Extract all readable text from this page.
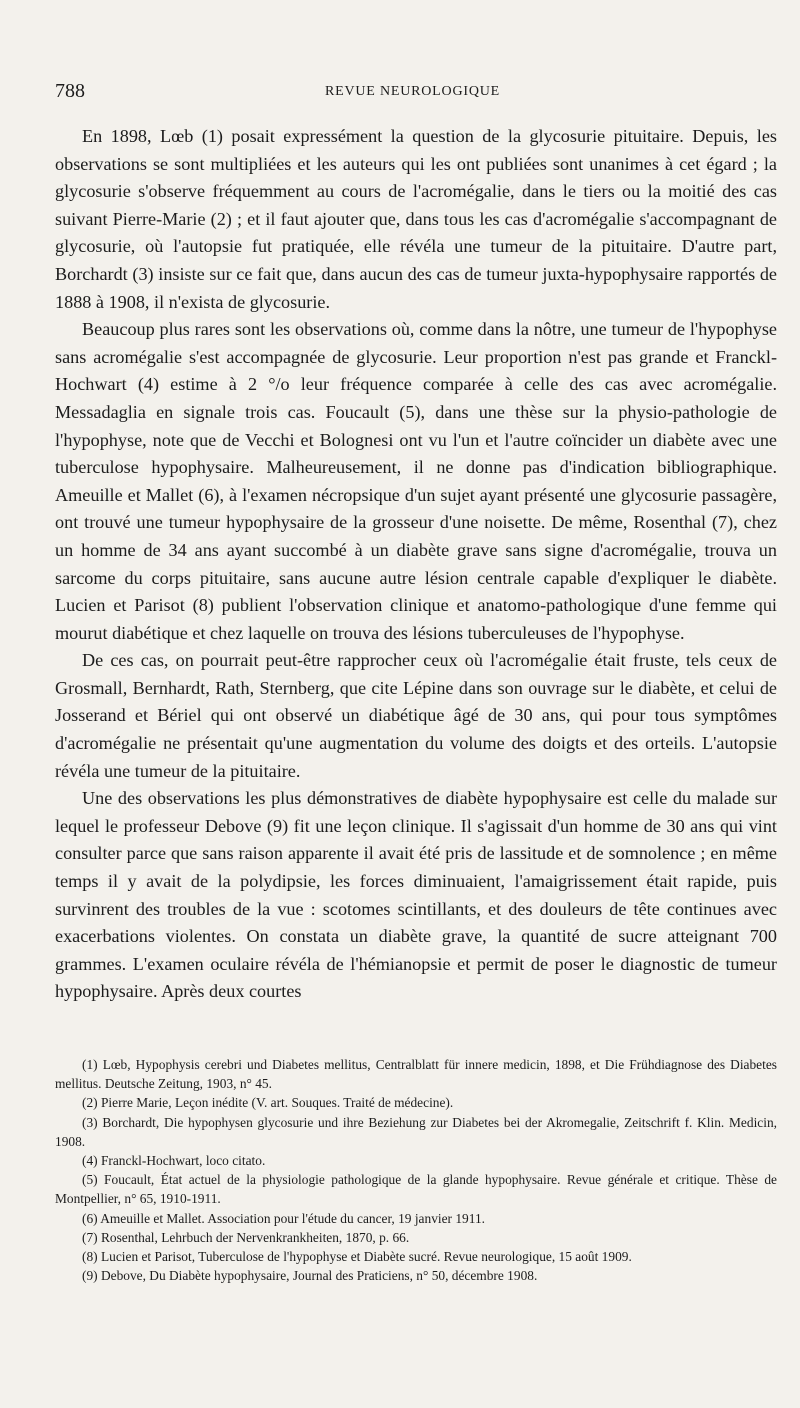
788	REVUE NEUROLOGIQUE

En 1898, Lœb (1) posait expressément la question de la glycosurie pituitaire. Depuis, les observations se sont multipliées et les auteurs qui les ont publiées sont unanimes à cet égard ; la glycosurie s'observe fréquemment au cours de l'acromégalie, dans le tiers ou la moitié des cas suivant Pierre-Marie (2) ; et il faut ajouter que, dans tous les cas d'acromégalie s'accompagnant de glycosurie, où l'autopsie fut pratiquée, elle révéla une tumeur de la pituitaire. D'autre part, Borchardt (3) insiste sur ce fait que, dans aucun des cas de tumeur juxta-hypophysaire rapportés de 1888 à 1908, il n'exista de glycosurie.

Beaucoup plus rares sont les observations où, comme dans la nôtre, une tumeur de l'hypophyse sans acromégalie s'est accompagnée de glycosurie. Leur proportion n'est pas grande et Franckl-Hochwart (4) estime à 2 °/o leur fréquence comparée à celle des cas avec acromégalie. Messadaglia en signale trois cas. Foucault (5), dans une thèse sur la physio-pathologie de l'hypophyse, note que de Vecchi et Bolognesi ont vu l'un et l'autre coïncider un diabète avec une tuberculose hypophysaire. Malheureusement, il ne donne pas d'indication bibliographique. Ameuille et Mallet (6), à l'examen nécropsique d'un sujet ayant présenté une glycosurie passagère, ont trouvé une tumeur hypophysaire de la grosseur d'une noisette. De même, Rosenthal (7), chez un homme de 34 ans ayant succombé à un diabète grave sans signe d'acromégalie, trouva un sarcome du corps pituitaire, sans aucune autre lésion centrale capable d'expliquer le diabète. Lucien et Parisot (8) publient l'observation clinique et anatomo-pathologique d'une femme qui mourut diabétique et chez laquelle on trouva des lésions tuberculeuses de l'hypophyse.

De ces cas, on pourrait peut-être rapprocher ceux où l'acromégalie était fruste, tels ceux de Grosmall, Bernhardt, Rath, Sternberg, que cite Lépine dans son ouvrage sur le diabète, et celui de Josserand et Bériel qui ont observé un diabétique âgé de 30 ans, qui pour tous symptômes d'acromégalie ne présentait qu'une augmentation du volume des doigts et des orteils. L'autopsie révéla une tumeur de la pituitaire.

Une des observations les plus démonstratives de diabète hypophysaire est celle du malade sur lequel le professeur Debove (9) fit une leçon clinique. Il s'agissait d'un homme de 30 ans qui vint consulter parce que sans raison apparente il avait été pris de lassitude et de somnolence ; en même temps il y avait de la polydipsie, les forces diminuaient, l'amaigrissement était rapide, puis survinrent des troubles de la vue : scotomes scintillants, et des douleurs de tête continues avec exacerbations violentes. On constata un diabète grave, la quantité de sucre atteignant 700 grammes. L'examen oculaire révéla de l'hémianopsie et permit de poser le diagnostic de tumeur hypophysaire. Après deux courtes

(1) Lœb, Hypophysis cerebri und Diabetes mellitus, Centralblatt für innere medicin, 1898, et Die Frühdiagnose des Diabetes mellitus. Deutsche Zeitung, 1903, n° 45.

(2) Pierre Marie, Leçon inédite (V. art. Souques. Traité de médecine).

(3) Borchardt, Die hypophysen glycosurie und ihre Beziehung zur Diabetes bei der Akromegalie, Zeitschrift f. Klin. Medicin, 1908.

(4) Franckl-Hochwart, loco citato.

(5) Foucault, État actuel de la physiologie pathologique de la glande hypophysaire. Revue générale et critique. Thèse de Montpellier, n° 65, 1910-1911.

(6) Ameuille et Mallet. Association pour l'étude du cancer, 19 janvier 1911.

(7) Rosenthal, Lehrbuch der Nervenkrankheiten, 1870, p. 66.

(8) Lucien et Parisot, Tuberculose de l'hypophyse et Diabète sucré. Revue neurologique, 15 août 1909.

(9) Debove, Du Diabète hypophysaire, Journal des Praticiens, n° 50, décembre 1908.
